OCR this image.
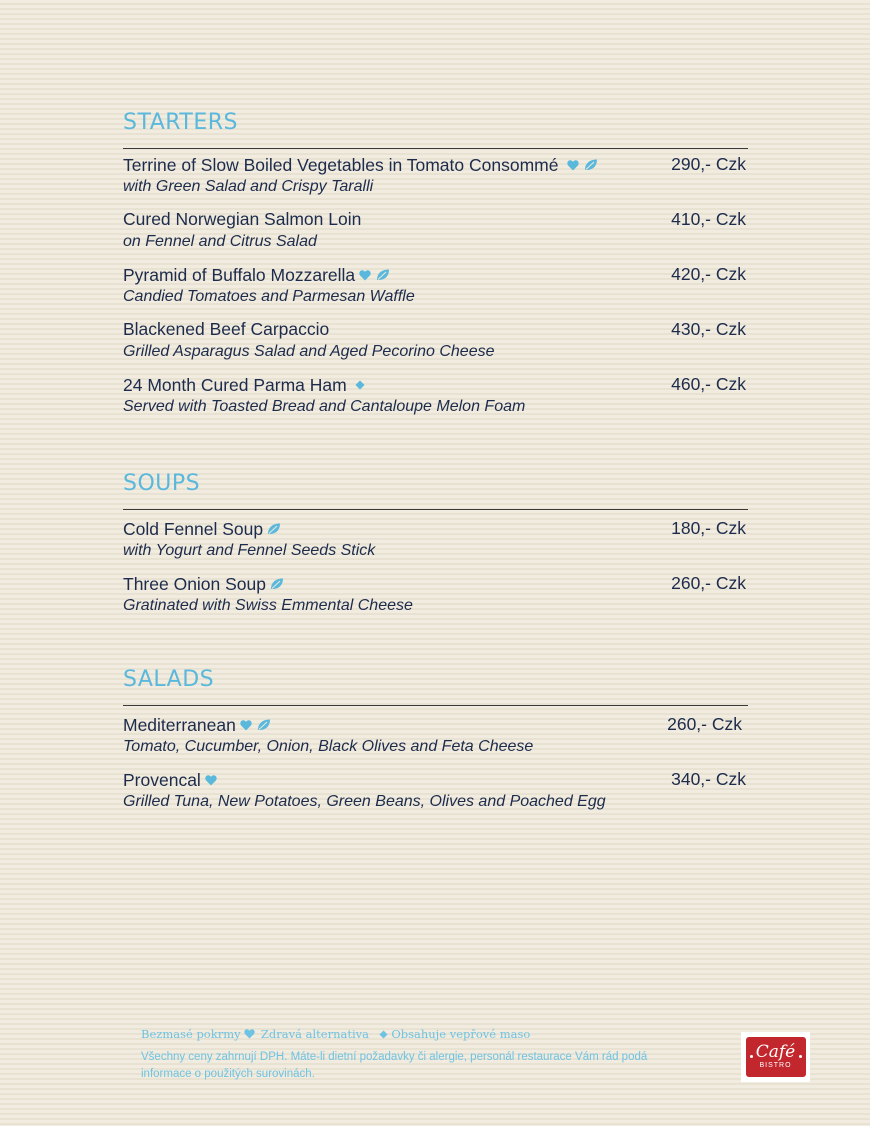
STARTERS
Terrine of Slow Boiled Vegetables in Tomato Consommé
with Green Salad and Crispy Taralli
290,- Czk
Cured Norwegian Salmon Loin
on Fennel and Citrus Salad
410,- Czk
Pyramid of Buffalo Mozzarella
Candied Tomatoes and Parmesan Waffle
420,- Czk
Blackened Beef Carpaccio
Grilled Asparagus Salad and Aged Pecorino Cheese
430,- Czk
24 Month Cured Parma Ham
Served with Toasted Bread and Cantaloupe Melon Foam
460,- Czk
SOUPS
Cold Fennel Soup
with Yogurt and Fennel Seeds Stick
180,- Czk
Three Onion Soup
Gratinated with Swiss Emmental Cheese
260,- Czk
SALADS
Mediterranean
Tomato, Cucumber, Onion, Black Olives and Feta Cheese
260,- Czk
Provencal
Grilled Tuna, New Potatoes, Green Beans, Olives and Poached Egg
340,- Czk
Bezmasé pokrmy Zdravá alternativa Obsahuje vepřové maso
Všechny ceny zahrnují DPH. Máte-li dietní požadavky či alergie, personál restaurace Vám rád podá informace o použitých surovinách.
Café
BISTRO
